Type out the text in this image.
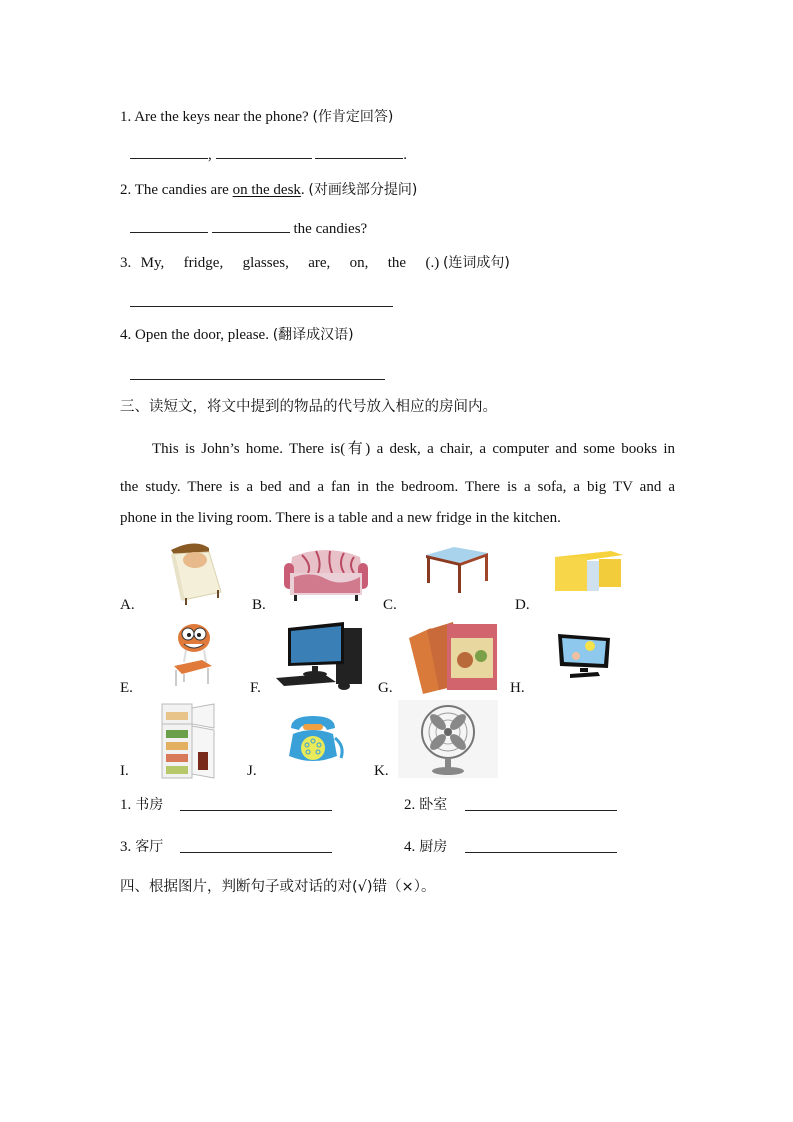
1. Are the keys near the phone? (作肯定回答)
,	.
2. The candies are on the desk. (对画线部分提问)
the candies?
3. My, fridge, glasses, are, on, the (.) (连词成句)
4. Open the door, please. (翻译成汉语)
三、读短文，将文中提到的物品的代号放入相应的房间内。
This is John’s home. There is(有) a desk, a chair, a computer and some books in
the study. There is a bed and a fan in the bedroom. There is a sofa, a big TV and a
phone in the living room. There is a table and a new fridge in the kitchen.
A.	B.	C.	D.
E.	F.	G.	H.
I.	J.	K.
1. 书房	2. 卧室
3. 客厅	4. 厨房
四、根据图片，判断句子或对话的对(√)错（×）。
